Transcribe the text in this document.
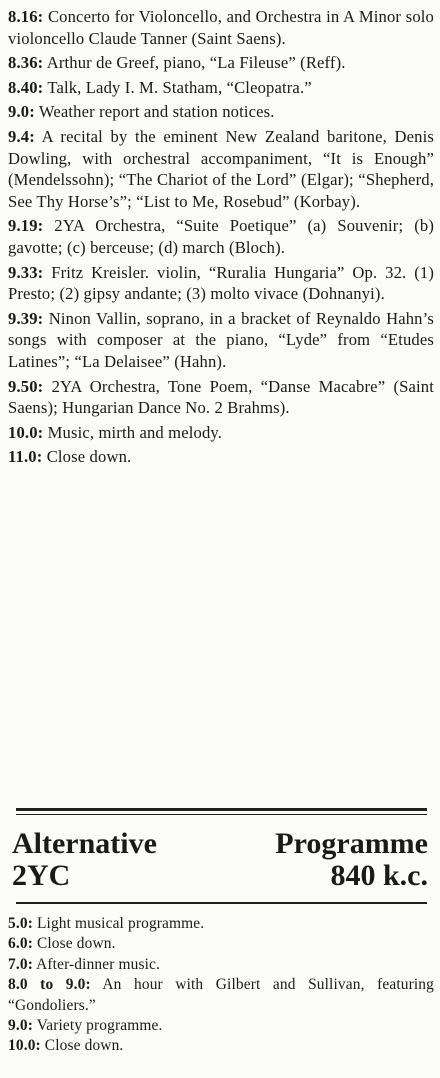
8.16: Concerto for Violoncello, and Orchestra in A Minor solo violoncello Claude Tanner (Saint Saens).

8.36: Arthur de Greef, piano, “La Fileuse” (Reff).

8.40: Talk, Lady I. M. Statham, “Cleopatra.”

9.0: Weather report and station notices.

9.4: A recital by the eminent New Zealand baritone, Denis Dowling, with orchestral accompaniment, “It is Enough” (Mendelssohn); “The Chariot of the Lord” (Elgar); “Shepherd, See Thy Horse’s”; “List to Me, Rosebud” (Korbay).

9.19: 2YA Orchestra, “Suite Poetique” (a) Souvenir; (b) gavotte; (c) berceuse; (d) march (Bloch).

9.33: Fritz Kreisler. violin, “Ruralia Hungaria” Op. 32. (1) Presto; (2) gipsy andante; (3) molto vivace (Dohnanyi).

9.39: Ninon Vallin, soprano, in a bracket of Reynaldo Hahn’s songs with composer at the piano, “Lyde” from “Etudes Latines”; “La Delaisee” (Hahn).

9.50: 2YA Orchestra, Tone Poem, “Danse Macabre” (Saint Saens); Hungarian Dance No. 2 Brahms).

10.0: Music, mirth and melody.

11.0: Close down.

Alternative	Programme
2YC	840 k.c.

5.0: Light musical programme.

6.0: Close down.

7.0: After-dinner music.

8.0 to 9.0: An hour with Gilbert and Sullivan, featuring “Gondoliers.”

9.0: Variety programme.

10.0: Close down.
